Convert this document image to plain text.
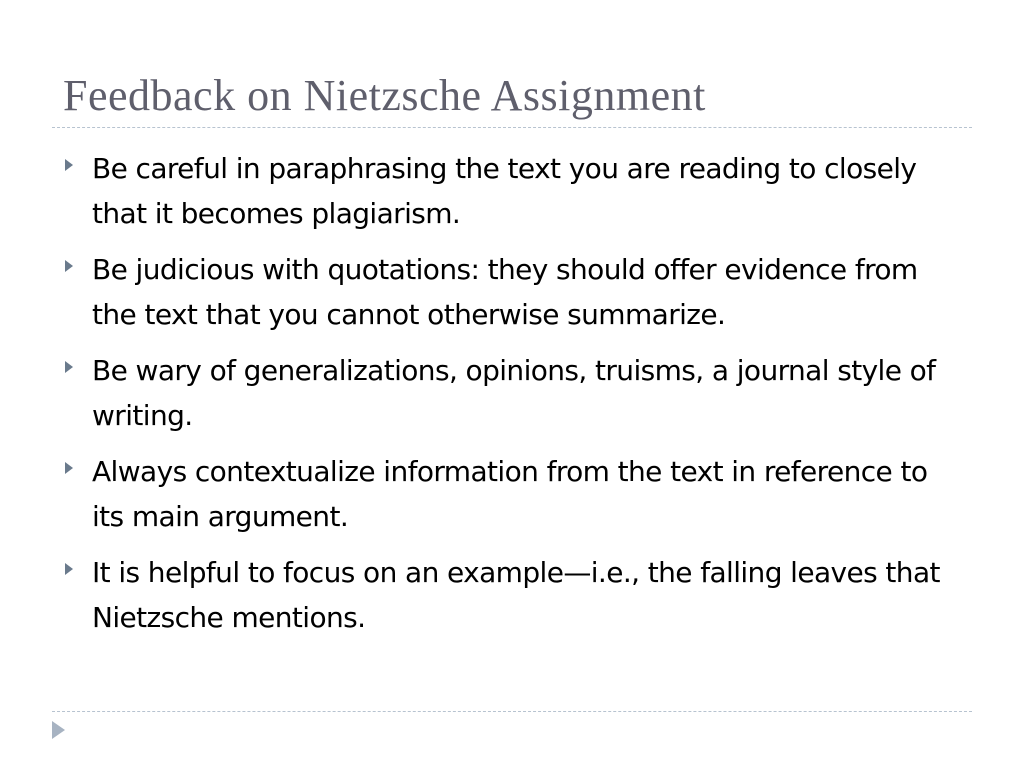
Feedback on Nietzsche Assignment
Be careful in paraphrasing the text you are reading to closely that it becomes plagiarism.
Be judicious with quotations: they should offer evidence from the text that you cannot otherwise summarize.
Be wary of generalizations, opinions, truisms, a journal style of writing.
Always contextualize information from the text in reference to its main argument.
It is helpful to focus on an example—i.e., the falling leaves that Nietzsche mentions.
